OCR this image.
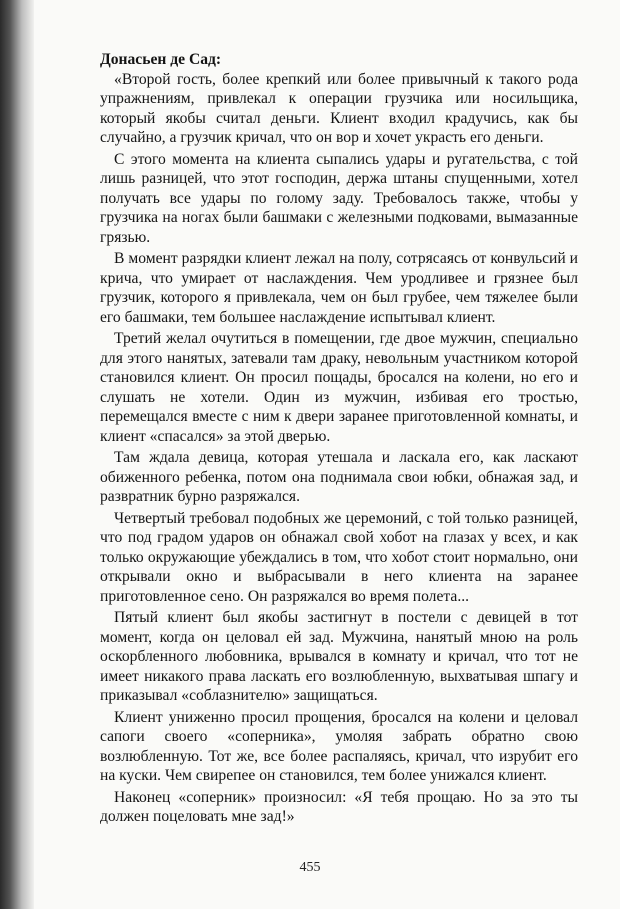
Донасьен де Сад:

«Второй гость, более крепкий или более привычный к такого рода упражнениям, привлекал к операции грузчика или носильщика, который якобы считал деньги. Клиент входил крадучись, как бы случайно, а грузчик кричал, что он вор и хочет украсть его деньги.

С этого момента на клиента сыпались удары и ругательства, с той лишь разницей, что этот господин, держа штаны спущенными, хотел получать все удары по голому заду. Требовалось также, чтобы у грузчика на ногах были башмаки с железными подковами, вымазанные грязью.

В момент разрядки клиент лежал на полу, сотрясаясь от конвульсий и крича, что умирает от наслаждения. Чем уродливее и грязнее был грузчик, которого я привлекала, чем он был грубее, чем тяжелее были его башмаки, тем большее наслаждение испытывал клиент.

Третий желал очутиться в помещении, где двое мужчин, специально для этого нанятых, затевали там драку, невольным участником которой становился клиент. Он просил пощады, бросался на колени, но его и слушать не хотели. Один из мужчин, избивая его тростью, перемещался вместе с ним к двери заранее приготовленной комнаты, и клиент «спасался» за этой дверью.

Там ждала девица, которая утешала и ласкала его, как ласкают обиженного ребенка, потом она поднимала свои юбки, обнажая зад, и развратник бурно разряжался.

Четвертый требовал подобных же церемоний, с той только разницей, что под градом ударов он обнажал свой хобот на глазах у всех, и как только окружающие убеждались в том, что хобот стоит нормально, они открывали окно и выбрасывали в него клиента на заранее приготовленное сено. Он разряжался во время полета...

Пятый клиент был якобы застигнут в постели с девицей в тот момент, когда он целовал ей зад. Мужчина, нанятый мною на роль оскорбленного любовника, врывался в комнату и кричал, что тот не имеет никакого права ласкать его возлюбленную, выхватывая шпагу и приказывал «соблазнителю» защищаться.

Клиент униженно просил прощения, бросался на колени и целовал сапоги своего «соперника», умоляя забрать обратно свою возлюбленную. Тот же, все более распаляясь, кричал, что изрубит его на куски. Чем свирепее он становился, тем более унижался клиент.

Наконец «соперник» произносил: «Я тебя прощаю. Но за это ты должен поцеловать мне зад!»

455
